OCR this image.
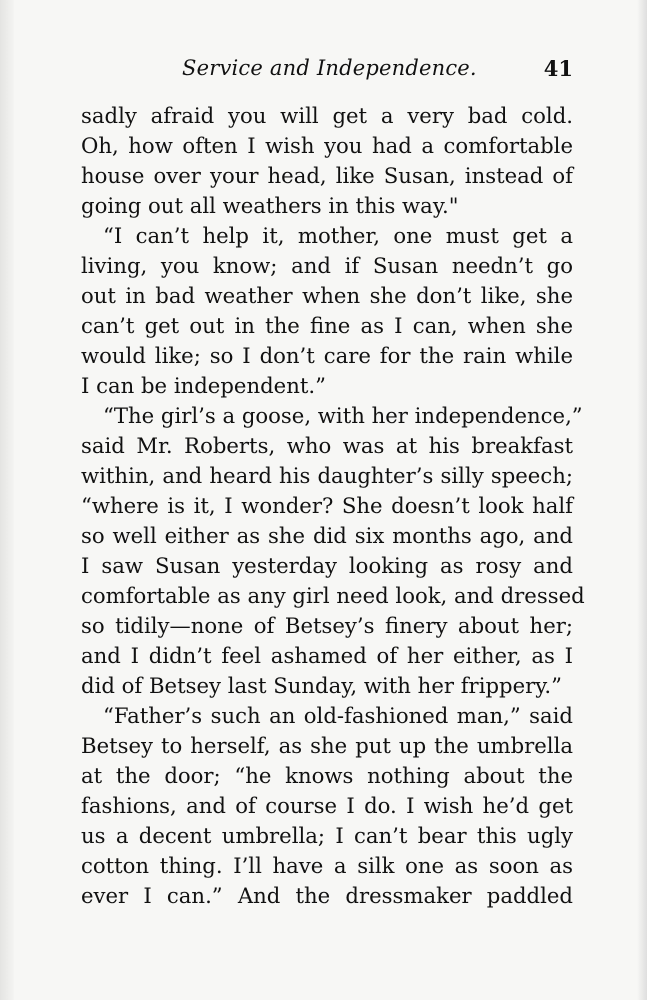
Service and Independence.	41
sadly afraid you will get a very bad cold.
Oh, how often I wish you had a comfortable
house over your head, like Susan, instead of
going out all weathers in this way."
“I can’t help it, mother, one must get a
living, you know; and if Susan needn’t go
out in bad weather when she don’t like, she
can’t get out in the fine as I can, when she
would like; so I don’t care for the rain while
I can be independent.”
“The girl’s a goose, with her independence,”
said Mr. Roberts, who was at his breakfast
within, and heard his daughter’s silly speech;
“where is it, I wonder? She doesn’t look half
so well either as she did six months ago, and
I saw Susan yesterday looking as rosy and
comfortable as any girl need look, and dressed
so tidily—none of Betsey’s finery about her;
and I didn’t feel ashamed of her either, as I
did of Betsey last Sunday, with her frippery.”
“Father’s such an old-fashioned man,” said
Betsey to herself, as she put up the umbrella
at the door; “he knows nothing about the
fashions, and of course I do. I wish he’d get
us a decent umbrella; I can’t bear this ugly
cotton thing. I’ll have a silk one as soon as
ever I can.” And the dressmaker paddled
